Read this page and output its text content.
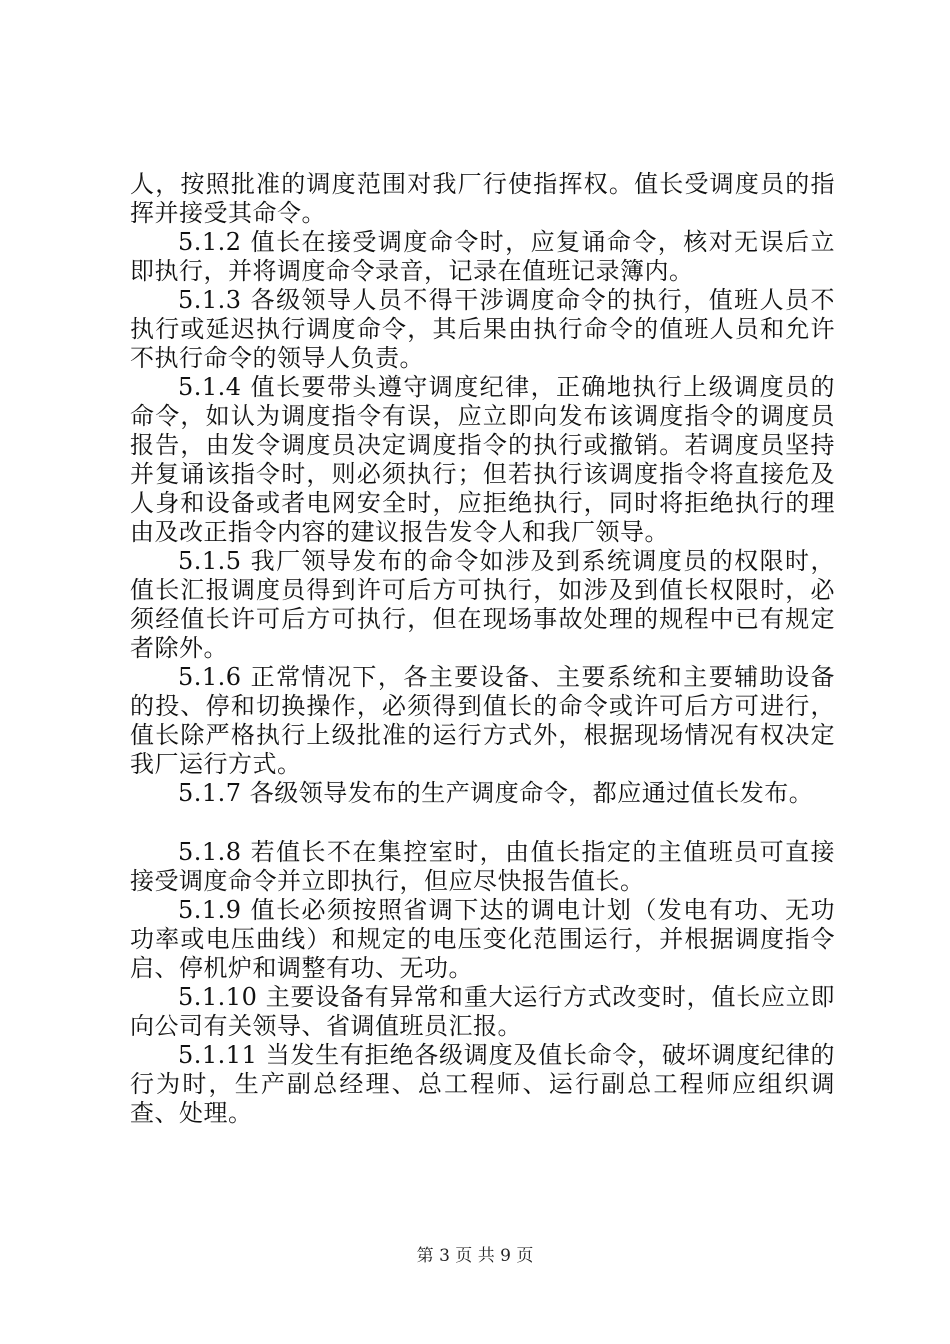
人，按照批准的调度范围对我厂行使指挥权。值长受调度员的指挥并接受其命令。

5.1.2 值长在接受调度命令时，应复诵命令，核对无误后立即执行，并将调度命令录音，记录在值班记录簿内。

5.1.3 各级领导人员不得干涉调度命令的执行，值班人员不执行或延迟执行调度命令，其后果由执行命令的值班人员和允许不执行命令的领导人负责。

5.1.4 值长要带头遵守调度纪律，正确地执行上级调度员的命令，如认为调度指令有误，应立即向发布该调度指令的调度员报告，由发令调度员决定调度指令的执行或撤销。若调度员坚持并复诵该指令时，则必须执行；但若执行该调度指令将直接危及人身和设备或者电网安全时，应拒绝执行，同时将拒绝执行的理由及改正指令内容的建议报告发令人和我厂领导。

5.1.5 我厂领导发布的命令如涉及到系统调度员的权限时，值长汇报调度员得到许可后方可执行，如涉及到值长权限时，必须经值长许可后方可执行，但在现场事故处理的规程中已有规定者除外。

5.1.6 正常情况下，各主要设备、主要系统和主要辅助设备的投、停和切换操作，必须得到值长的命令或许可后方可进行，值长除严格执行上级批准的运行方式外，根据现场情况有权决定我厂运行方式。

5.1.7 各级领导发布的生产调度命令，都应通过值长发布。

5.1.8 若值长不在集控室时，由值长指定的主值班员可直接接受调度命令并立即执行，但应尽快报告值长。

5.1.9 值长必须按照省调下达的调电计划（发电有功、无功功率或电压曲线）和规定的电压变化范围运行，并根据调度指令启、停机炉和调整有功、无功。

5.1.10 主要设备有异常和重大运行方式改变时，值长应立即向公司有关领导、省调值班员汇报。

5.1.11 当发生有拒绝各级调度及值长命令，破坏调度纪律的行为时，生产副总经理、总工程师、运行副总工程师应组织调查、处理。

第 3 页 共 9 页
